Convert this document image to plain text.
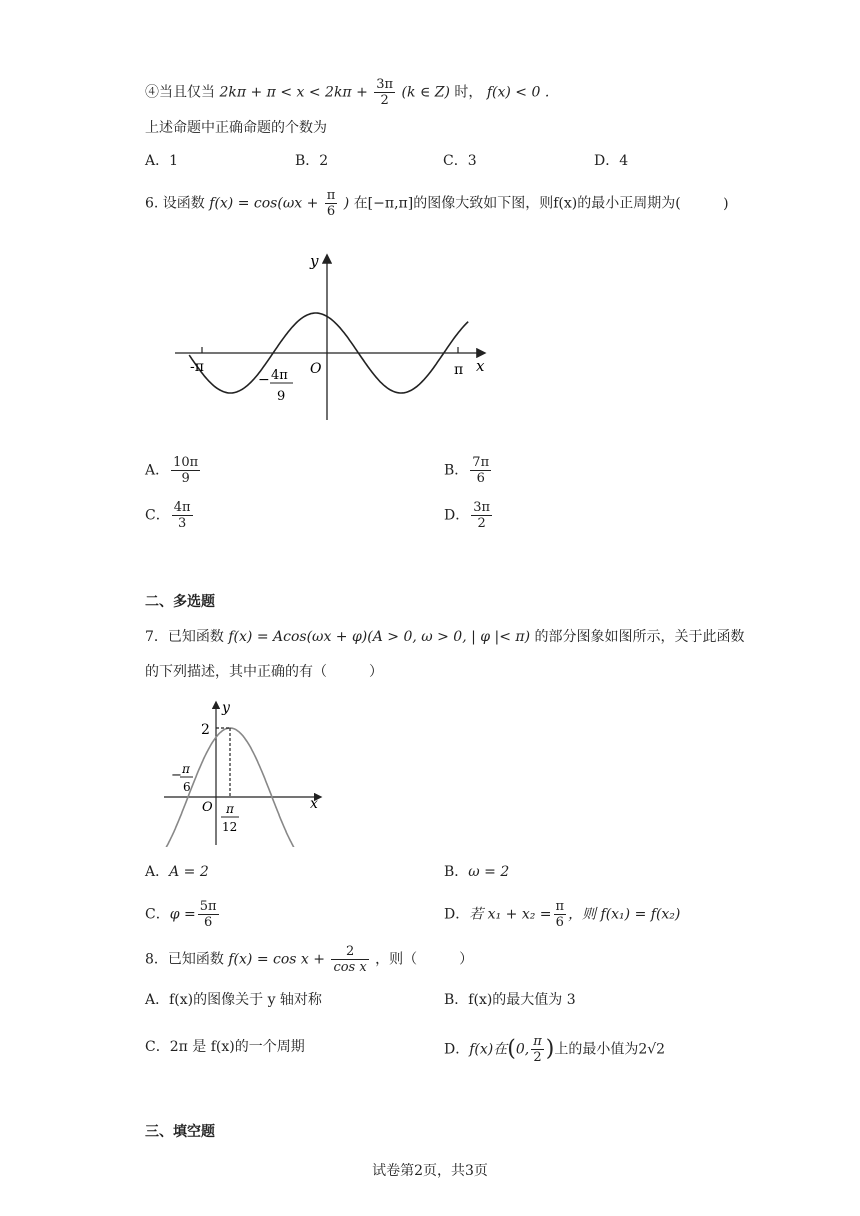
④当且仅当 $2k\pi + \pi < x < 2k\pi + \frac{3\pi}{2} (k$ ∈ Z) 时， f(x) < 0 .
上述命题中正确命题的个数为
A．1	B．2	C．3	D．4
6. 设函数 $f(x) = \cos(\omega x + \frac{\pi}{6}$ ) 在[−π,π]的图像大致如下图，则f(x)的最小正周期为(	)
y
x
O
-π	π
− 4π
9
A． $\frac{10\pi}{9}$	B． $\frac{7\pi}{6}$
C． $\frac{4\pi}{3}$	D． $\frac{3\pi}{2}$
二、多选题
7．已知函数 f(x) = Acos(ωx + φ)(A > 0, ω > 0, | φ |< π) 的部分图象如图所示，关于此函数
的下列描述，其中正确的有（　　　）
y
x
O
2
− π
6
π
12
A．A = 2	B．ω = 2
C．$\varphi = \frac{5\pi}{6}$	D．若 $x_1 + x_2 = \frac{\pi}{6}$ ，则 f(x₁) = f(x₂)
8．已知函数 $f(x) = \cos x + \frac{2}{\text{cos x}}$ ，则（　　　）
A．f(x)的图像关于 y 轴对称	B．f(x)的最大值为 3
C．2π 是 f(x)的一个周期	D．f(x)在(0, $\frac{\pi}{2}$ )上的最小值为2√2
三、填空题
试卷第2页，共3页
